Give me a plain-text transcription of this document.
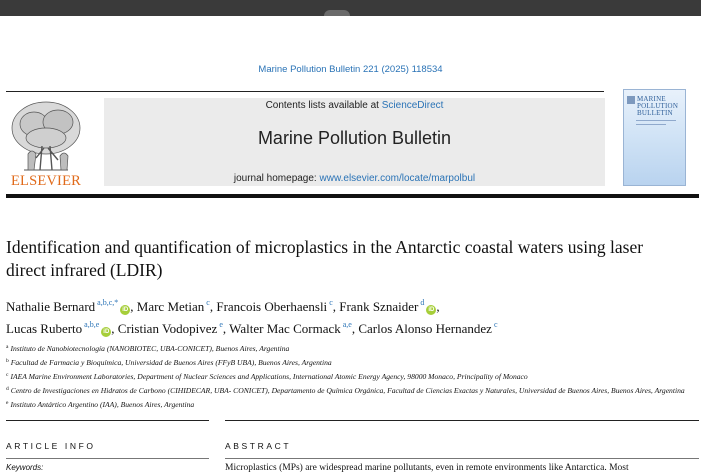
Marine Pollution Bulletin 221 (2025) 118534
ELSEVIER
Contents lists available at ScienceDirect
Marine Pollution Bulletin
journal homepage: www.elsevier.com/locate/marpolbul
MARINE
POLLUTION
BULLETIN
Identification and quantification of microplastics in the Antarctic coastal waters using laser direct infrared (LDIR)
Nathalie Bernard $^{a,b,c,*}$iD , Marc Metian $^c$, Francois Oberhaensli $^c$, Frank Sznaider $^d$iD ,
Lucas Ruberto $^{a,b,e}$iD , Cristian Vodopivez $^e$, Walter Mac Cormack $^{a,e}$, Carlos Alonso Hernandez $^c$
$^a$ Instituto de Nanobiotecnología (NANOBIOTEC, UBA-CONICET), Buenos Aires, Argentina
$^b$ Facultad de Farmacia y Bioquímica, Universidad de Buenos Aires (FFyB UBA), Buenos Aires, Argentina
$^c$ IAEA Marine Environment Laboratories, Department of Nuclear Sciences and Applications, International Atomic Energy Agency, 98000 Monaco, Principality of Monaco
$^d$ Centro de Investigaciones en Hidratos de Carbono (CIHIDECAR, UBA- CONICET), Departamento de Química Orgánica, Facultad de Ciencias Exactas y Naturales, Universidad de Buenos Aires, Buenos Aires, Argentina
$^e$ Instituto Antártico Argentino (IAA), Buenos Aires, Argentina
ARTICLE INFO	ABSTRACT
Keywords:	Microplastics (MPs) are widespread marine pollutants, even in remote environments like Antarctica. Most
